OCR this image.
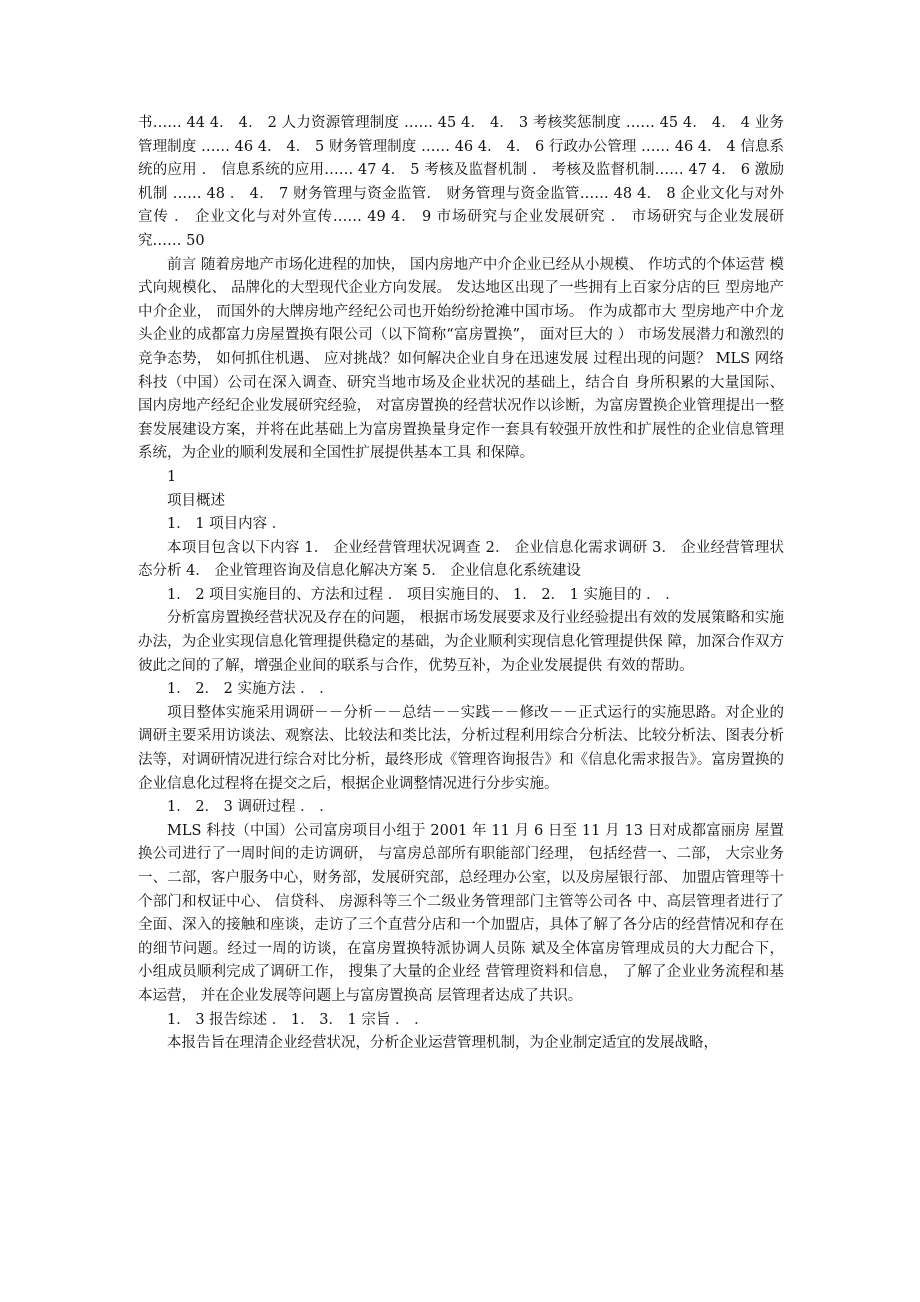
书…… 44 4． 4． 2 人力资源管理制度 …… 45 4． 4． 3 考核奖惩制度 …… 45 4． 4． 4 业务管理制度 …… 46 4． 4． 5 财务管理制度 …… 46 4． 4． 6 行政办公管理 …… 46 4． 4 信息系统的应用 ． 信息系统的应用…… 47 4． 5 考核及监督机制 ． 考核及监督机制…… 47 4． 6 激励机制 …… 48 ． 4． 7 财务管理与资金监管． 财务管理与资金监管…… 48 4． 8 企业文化与对外宣传 ． 企业文化与对外宣传…… 49 4． 9 市场研究与企业发展研究 ． 市场研究与企业发展研究…… 50

前言 随着房地产市场化进程的加快， 国内房地产中介企业已经从小规模、 作坊式的个体运营 模式向规模化、 品牌化的大型现代企业方向发展。 发达地区出现了一些拥有上百家分店的巨 型房地产中介企业， 而国外的大牌房地产经纪公司也开始纷纷抢滩中国市场。 作为成都市大 型房地产中介龙头企业的成都富力房屋置换有限公司（以下简称“富房置换”， 面对巨大的 ） 市场发展潜力和激烈的竞争态势， 如何抓住机遇、 应对挑战？如何解决企业自身在迅速发展 过程出现的问题？ MLS 网络科技（中国）公司在深入调查、研究当地市场及企业状况的基础上，结合自 身所积累的大量国际、 国内房地产经纪企业发展研究经验， 对富房置换的经营状况作以诊断，为富房置换企业管理提出一整套发展建设方案，并将在此基础上为富房置换量身定作一套具有较强开放性和扩展性的企业信息管理系统，为企业的顺利发展和全国性扩展提供基本工具 和保障。

1

项目概述

1． 1 项目内容 ．

本项目包含以下内容 1． 企业经营管理状况调查 2． 企业信息化需求调研 3． 企业经营管理状态分析 4． 企业管理咨询及信息化解决方案 5． 企业信息化系统建设

1． 2 项目实施目的、方法和过程 ． 项目实施目的、 1． 2． 1 实施目的 ． ．

分析富房置换经营状况及存在的问题， 根据市场发展要求及行业经验提出有效的发展策略和实施办法，为企业实现信息化管理提供稳定的基础，为企业顺利实现信息化管理提供保 障，加深合作双方彼此之间的了解，增强企业间的联系与合作，优势互补，为企业发展提供 有效的帮助。

1． 2． 2 实施方法 ． ．

项目整体实施采用调研－－分析－－总结－－实践－－修改－－正式运行的实施思路。对企业的调研主要采用访谈法、观察法、比较法和类比法，分析过程利用综合分析法、比较分析法、图表分析法等，对调研情况进行综合对比分析，最终形成《管理咨询报告》和《信息化需求报告》。富房置换的企业信息化过程将在提交之后，根据企业调整情况进行分步实施。

1． 2． 3 调研过程 ． ．

MLS 科技（中国）公司富房项目小组于 2001 年 11 月 6 日至 11 月 13 日对成都富丽房 屋置换公司进行了一周时间的走访调研， 与富房总部所有职能部门经理， 包括经营一、二部， 大宗业务一、二部，客户服务中心，财务部，发展研究部，总经理办公室，以及房屋银行部、 加盟店管理等十个部门和权证中心、 信贷科、 房源科等三个二级业务管理部门主管等公司各 中、高层管理者进行了全面、深入的接触和座谈，走访了三个直营分店和一个加盟店，具体了解了各分店的经营情况和存在的细节问题。经过一周的访谈，在富房置换特派协调人员陈 斌及全体富房管理成员的大力配合下， 小组成员顺利完成了调研工作， 搜集了大量的企业经 营管理资料和信息， 了解了企业业务流程和基本运营， 并在企业发展等问题上与富房置换高 层管理者达成了共识。

1． 3 报告综述 ． 1． 3． 1 宗旨 ． ．

本报告旨在理清企业经营状况，分析企业运营管理机制，为企业制定适宜的发展战略，
